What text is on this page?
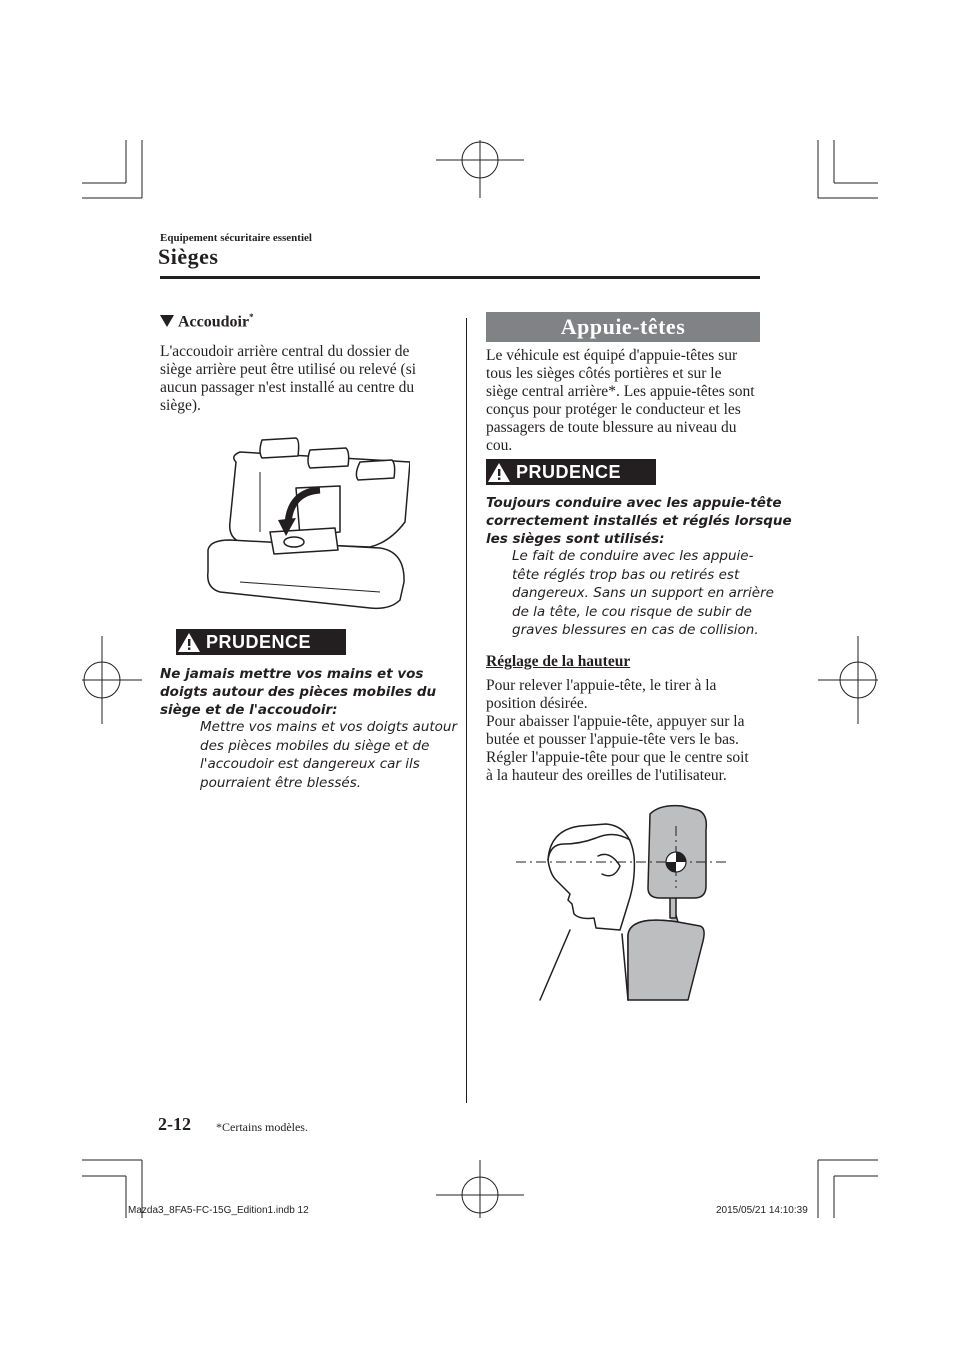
Equipement sécuritaire essentiel
Sièges
Accoudoir*
L'accoudoir arrière central du dossier de
siège arrière peut être utilisé ou relevé (si
aucun passager n'est installé au centre du
siège).
PRUDENCE
Ne jamais mettre vos mains et vos
doigts autour des pièces mobiles du
siège et de l'accoudoir:
Mettre vos mains et vos doigts autour
des pièces mobiles du siège et de
l'accoudoir est dangereux car ils
pourraient être blessés.
Appuie-têtes
Le véhicule est équipé d'appuie-têtes sur
tous les sièges côtés portières et sur le
siège central arrière*. Les appuie-têtes sont
conçus pour protéger le conducteur et les
passagers de toute blessure au niveau du
cou.
PRUDENCE
Toujours conduire avec les appuie-tête
correctement installés et réglés lorsque
les sièges sont utilisés:
Le fait de conduire avec les appuie-
tête réglés trop bas ou retirés est
dangereux. Sans un support en arrière
de la tête, le cou risque de subir de
graves blessures en cas de collision.
Réglage de la hauteur
Pour relever l'appuie-tête, le tirer à la
position désirée.
Pour abaisser l'appuie-tête, appuyer sur la
butée et pousser l'appuie-tête vers le bas.
Régler l'appuie-tête pour que le centre soit
à la hauteur des oreilles de l'utilisateur.
2-12 *Certains modèles.
Mazda3_8FA5-FC-15G_Edition1.indb 12	2015/05/21 14:10:39
